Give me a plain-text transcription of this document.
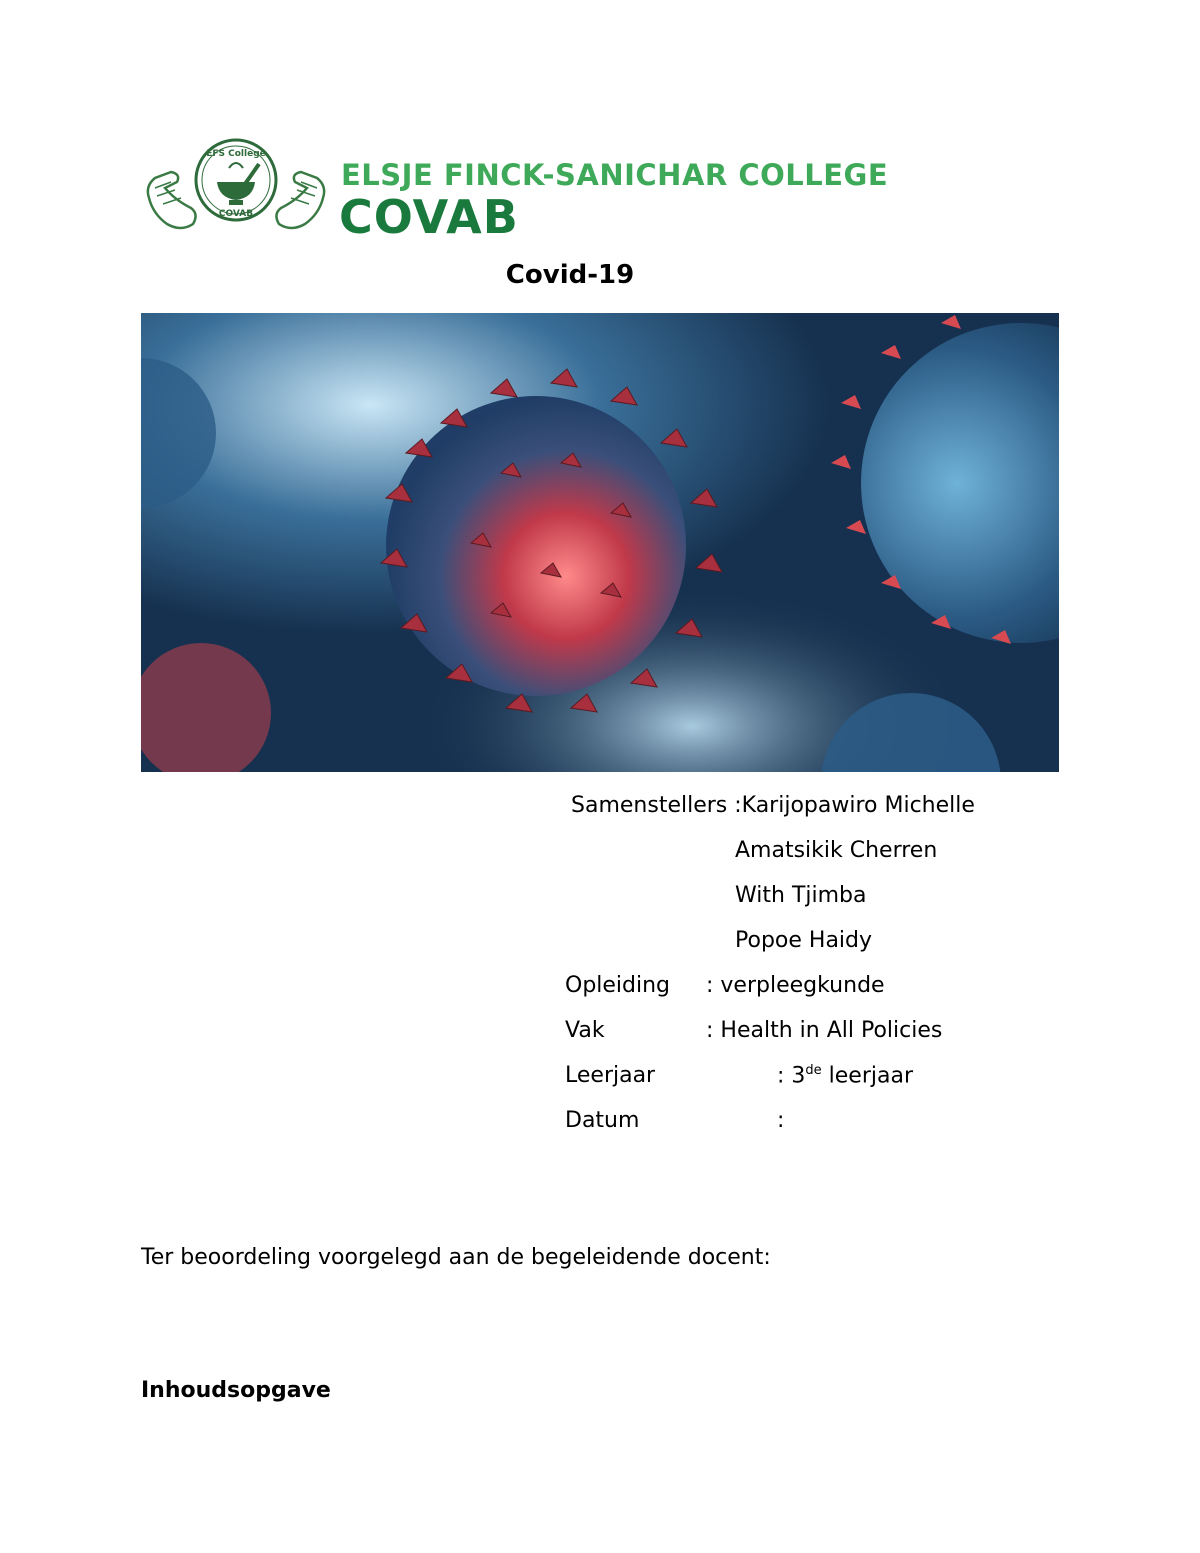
EFS College
COVAB
ELSJE FINCK-SANICHAR COLLEGE
COVAB
Covid-19
Samenstellers :Karijopawiro Michelle
Amatsikik Cherren
With Tjimba
Popoe Haidy
Opleiding : verpleegkunde
Vak	: Health in All Policies
Leerjaar	: 3de leerjaar
Datum	:
Ter beoordeling voorgelegd aan de begeleidende docent:
Inhoudsopgave
